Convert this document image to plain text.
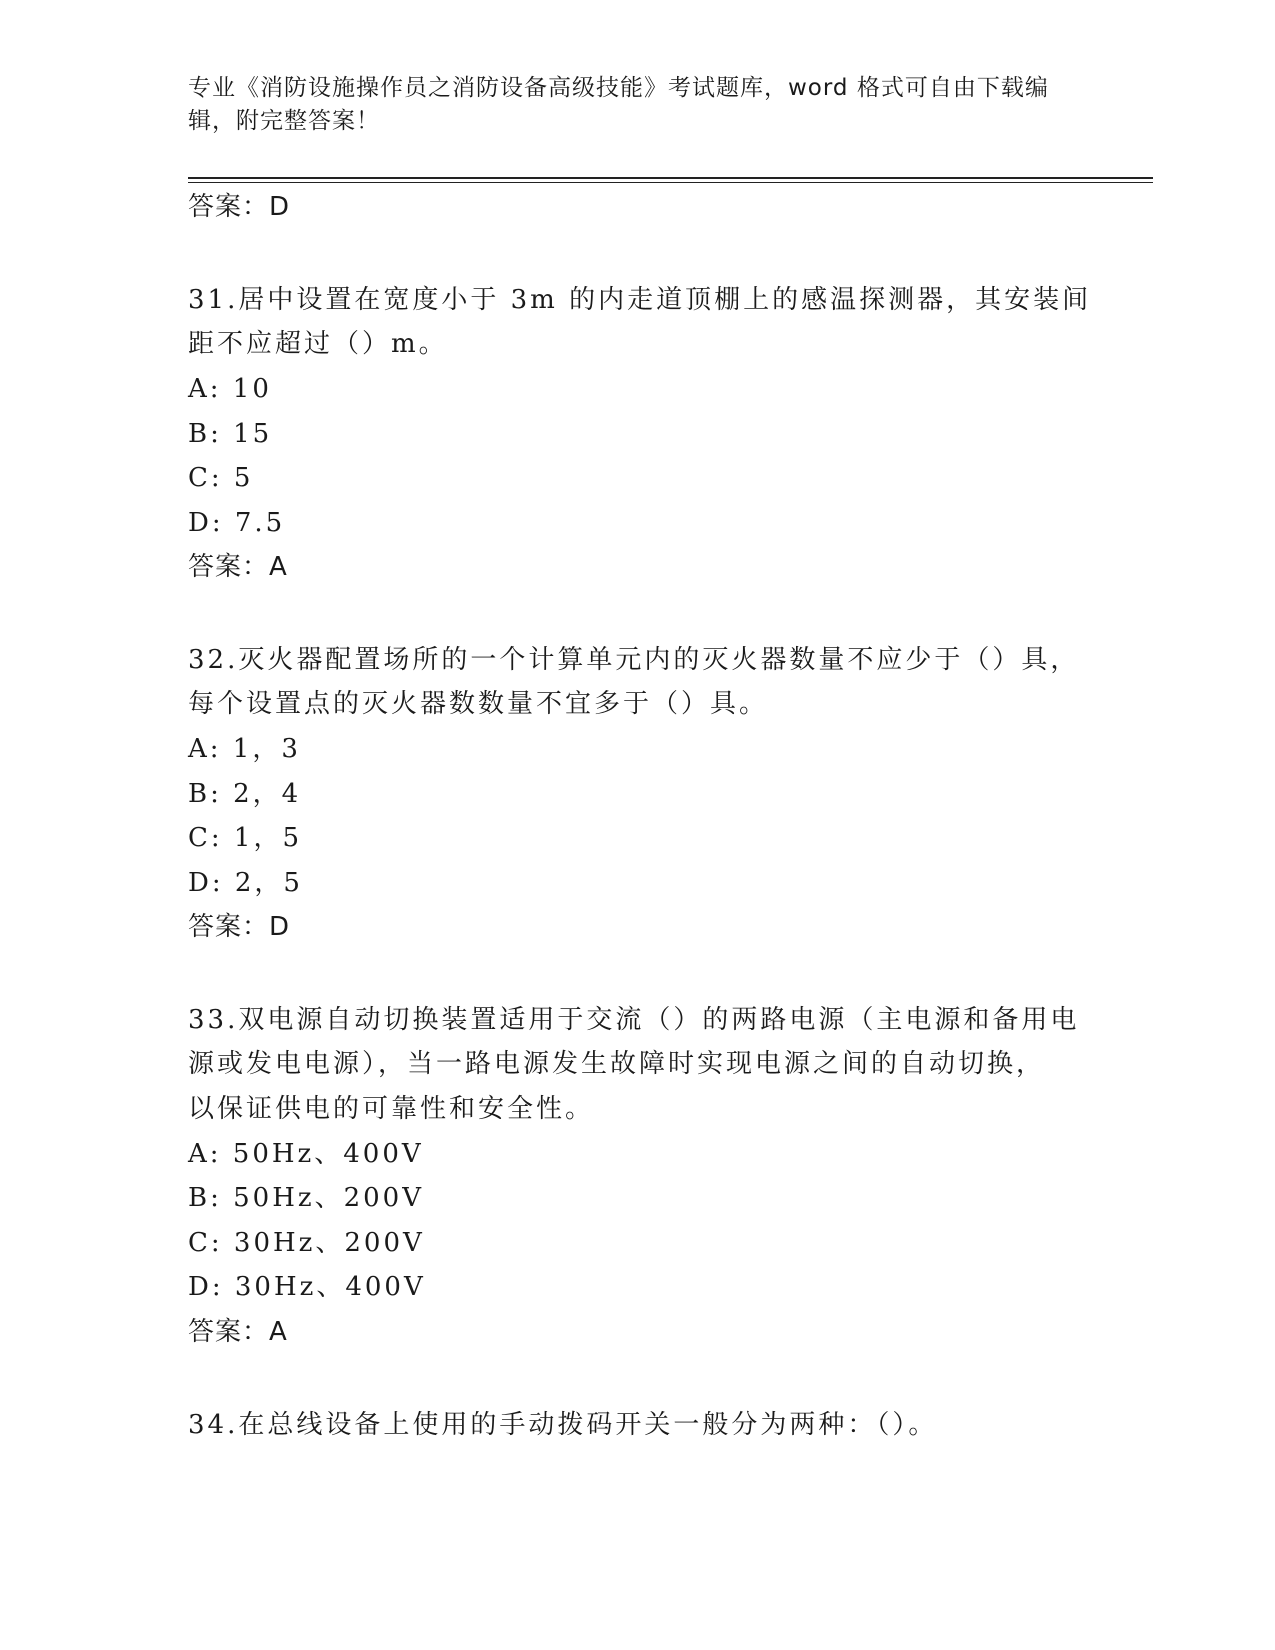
专业《消防设施操作员之消防设备高级技能》考试题库，word 格式可自由下载编
辑，附完整答案！
答案：D
31.居中设置在宽度小于 3m 的内走道顶棚上的感温探测器，其安装间
距不应超过（）m。
A: 10
B: 15
C: 5
D: 7.5
答案：A
32.灭火器配置场所的一个计算单元内的灭火器数量不应少于（）具，
每个设置点的灭火器数数量不宜多于（）具。
A: 1，3
B: 2，4
C: 1，5
D: 2，5
答案：D
33.双电源自动切换装置适用于交流（）的两路电源（主电源和备用电
源或发电电源），当一路电源发生故障时实现电源之间的自动切换，
以保证供电的可靠性和安全性。
A: 50Hz、400V
B: 50Hz、200V
C: 30Hz、200V
D: 30Hz、400V
答案：A
34.在总线设备上使用的手动拨码开关一般分为两种：（）。
